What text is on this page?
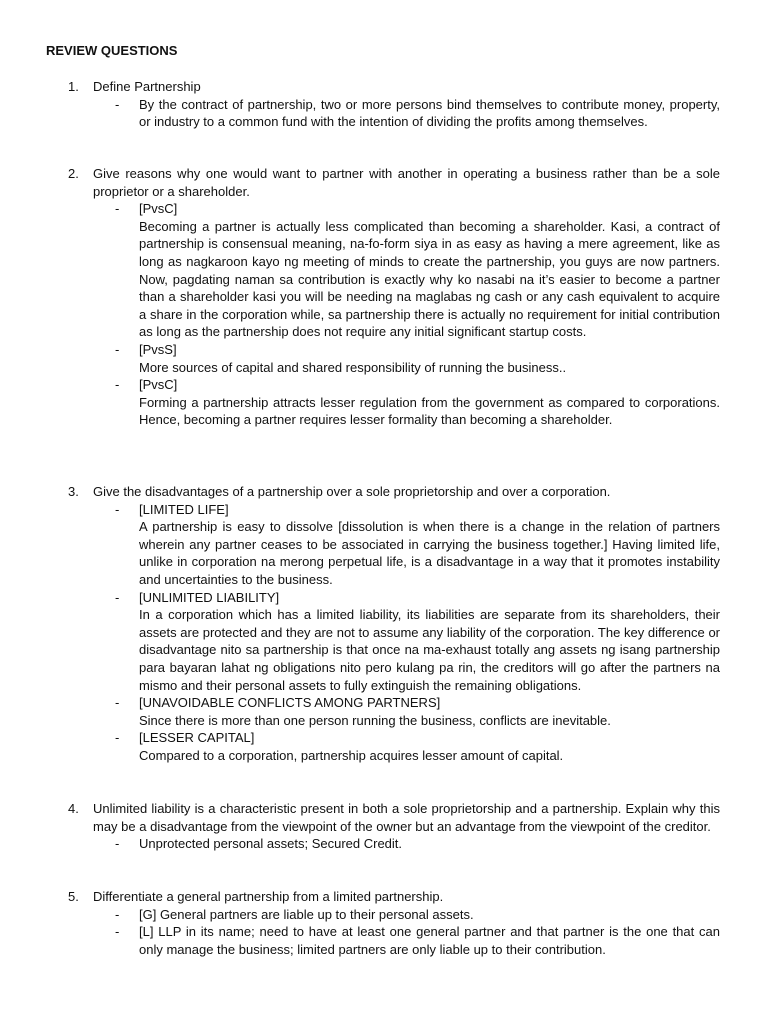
REVIEW QUESTIONS
1. Define Partnership
- By the contract of partnership, two or more persons bind themselves to contribute money, property, or industry to a common fund with the intention of dividing the profits among themselves.

2. Give reasons why one would want to partner with another in operating a business rather than be a sole proprietor or a shareholder.
- [PvsC]

Becoming a partner is actually less complicated than becoming a shareholder. Kasi, a contract of partnership is consensual meaning, na-fo-form siya in as easy as having a mere agreement, like as long as nagkaroon kayo ng meeting of minds to create the partnership, you guys are now partners. Now, pagdating naman sa contribution is exactly why ko nasabi na it’s easier to become a partner than a shareholder kasi you will be needing na maglabas ng cash or any cash equivalent to acquire a share in the corporation while, sa partnership there is actually no requirement for initial contribution as long as the partnership does not require any initial significant startup costs.

- [PvsS]

More sources of capital and shared responsibility of running the business..

- [PvsC]

Forming a partnership attracts lesser regulation from the government as compared to corporations. Hence, becoming a partner requires lesser formality than becoming a shareholder.

3. Give the disadvantages of a partnership over a sole proprietorship and over a corporation.
- [LIMITED LIFE]

A partnership is easy to dissolve [dissolution is when there is a change in the relation of partners wherein any partner ceases to be associated in carrying the business together.] Having limited life, unlike in corporation na merong perpetual life, is a disadvantage in a way that it promotes instability and uncertainties to the business.

- [UNLIMITED LIABILITY]

In a corporation which has a limited liability, its liabilities are separate from its shareholders, their assets are protected and they are not to assume any liability of the corporation. The key difference or disadvantage nito sa partnership is that once na ma-exhaust totally ang assets ng isang partnership para bayaran lahat ng obligations nito pero kulang pa rin, the creditors will go after the partners na mismo and their personal assets to fully extinguish the remaining obligations.

- [UNAVOIDABLE CONFLICTS AMONG PARTNERS]

Since there is more than one person running the business, conflicts are inevitable.

- [LESSER CAPITAL]

Compared to a corporation, partnership acquires lesser amount of capital.

4. Unlimited liability is a characteristic present in both a sole proprietorship and a partnership. Explain why this may be a disadvantage from the viewpoint of the owner but an advantage from the viewpoint of the creditor.
- Unprotected personal assets; Secured Credit.

5. Differentiate a general partnership from a limited partnership.
- [G] General partners are liable up to their personal assets.

- [L] LLP in its name; need to have at least one general partner and that partner is the one that can only manage the business; limited partners are only liable up to their contribution.
